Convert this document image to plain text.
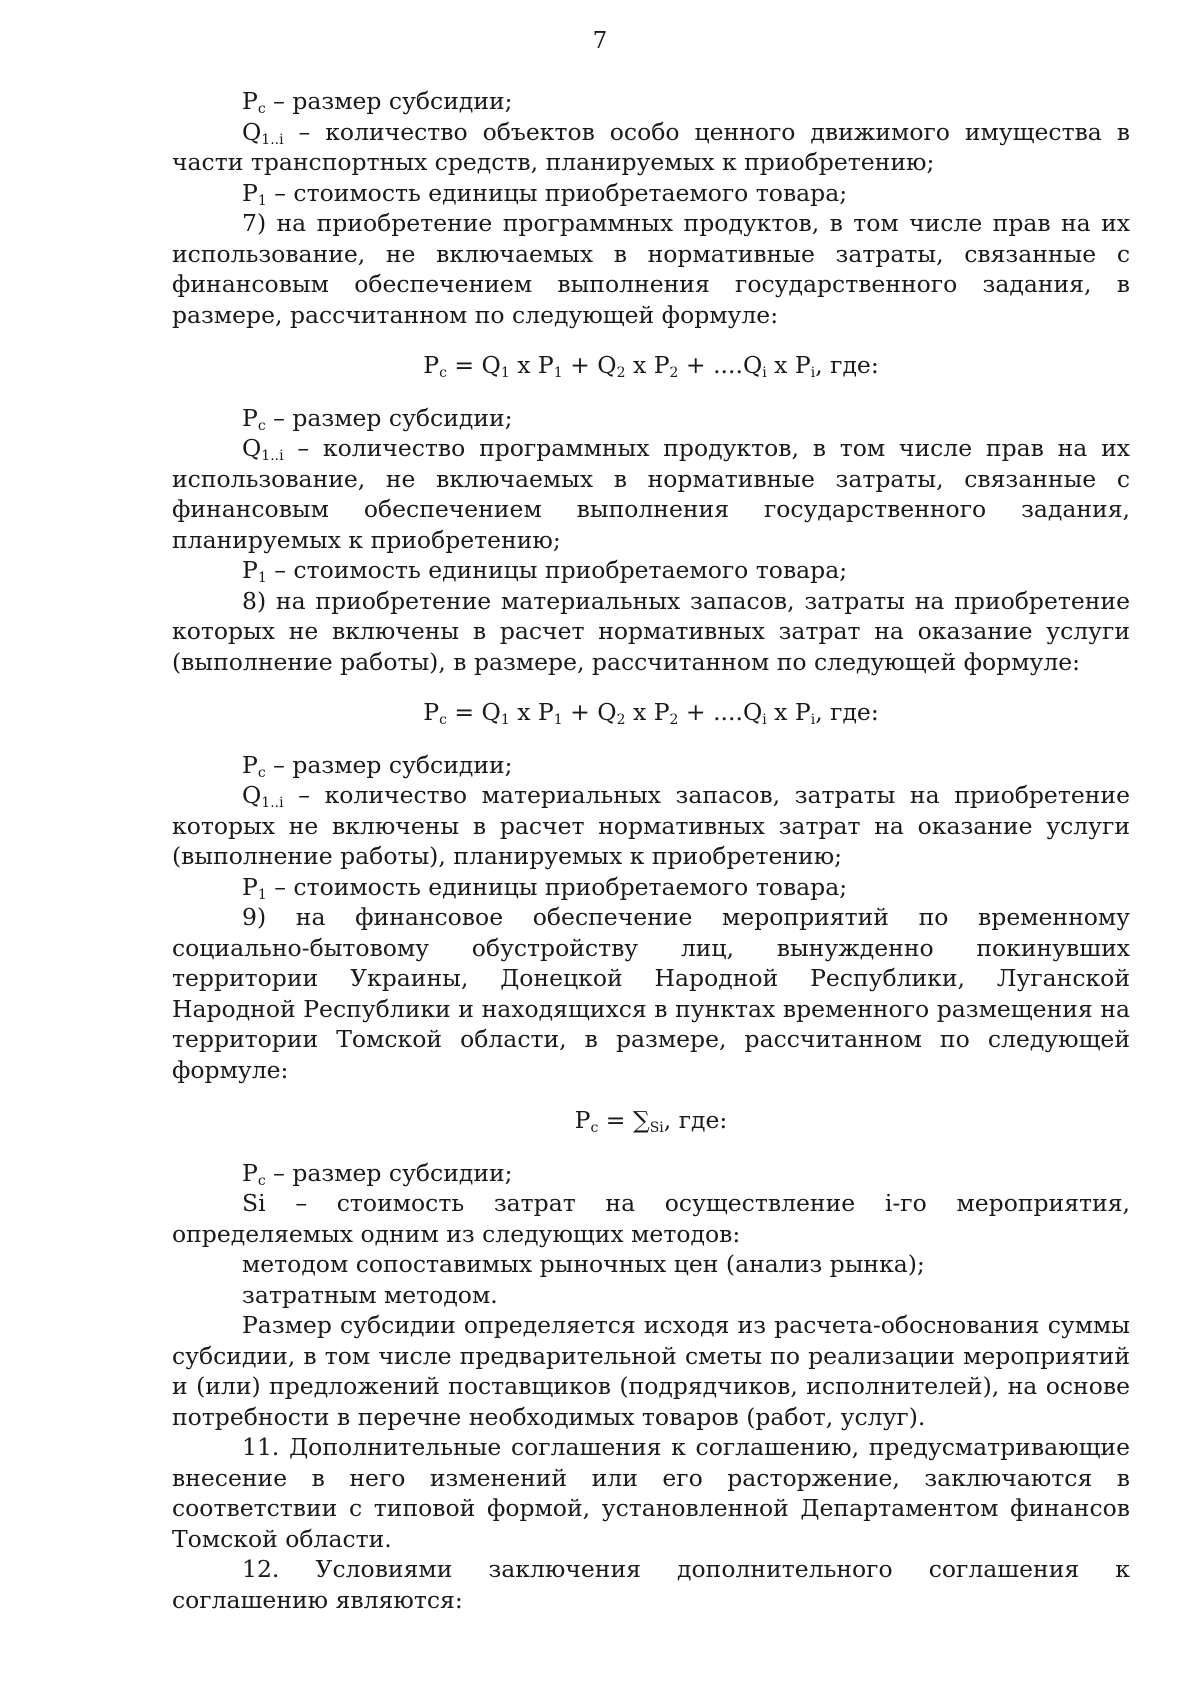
7

$Р_с$ – размер субсидии;

$Q_{1..i}$ – количество объектов особо ценного движимого имущества в части транспортных средств, планируемых к приобретению;

$Р_1$ – стоимость единицы приобретаемого товара;

7) на приобретение программных продуктов, в том числе прав на их использование, не включаемых в нормативные затраты, связанные с финансовым обеспечением выполнения государственного задания, в размере, рассчитанном по следующей формуле:

$Р_с = Q_1$ х $Р_1 + Q_2$ х $Р_2 + ....Q_i$ х $Р_i$, где:

$Р_с$ – размер субсидии;

$Q_{1..i}$ – количество программных продуктов, в том числе прав на их использование, не включаемых в нормативные затраты, связанные с финансовым обеспечением выполнения государственного задания, планируемых к приобретению;

$Р_1$ – стоимость единицы приобретаемого товара;

8) на приобретение материальных запасов, затраты на приобретение которых не включены в расчет нормативных затрат на оказание услуги (выполнение работы), в размере, рассчитанном по следующей формуле:

$Р_с = Q_1$ х $Р_1 + Q_2$ х $Р_2 + ....Q_i$ х $Р_i$, где:

$Р_с$ – размер субсидии;

$Q_{1..i}$ – количество материальных запасов, затраты на приобретение которых не включены в расчет нормативных затрат на оказание услуги (выполнение работы), планируемых к приобретению;

$Р_1$ – стоимость единицы приобретаемого товара;

9) на финансовое обеспечение мероприятий по временному социально-бытовому обустройству лиц, вынужденно покинувших территории Украины, Донецкой Народной Республики, Луганской Народной Республики и находящихся в пунктах временного размещения на территории Томской области, в размере, рассчитанном по следующей формуле:

$Р_с = \sum_{Si}$, где:

$Р_с$ – размер субсидии;

Si – стоимость затрат на осуществление i-го мероприятия, определяемых одним из следующих методов:

методом сопоставимых рыночных цен (анализ рынка);

затратным методом.

Размер субсидии определяется исходя из расчета-обоснования суммы субсидии, в том числе предварительной сметы по реализации мероприятий и (или) предложений поставщиков (подрядчиков, исполнителей), на основе потребности в перечне необходимых товаров (работ, услуг).

11. Дополнительные соглашения к соглашению, предусматривающие внесение в него изменений или его расторжение, заключаются в соответствии с типовой формой, установленной Департаментом финансов Томской области.

12. Условиями заключения дополнительного соглашения к соглашению являются:
